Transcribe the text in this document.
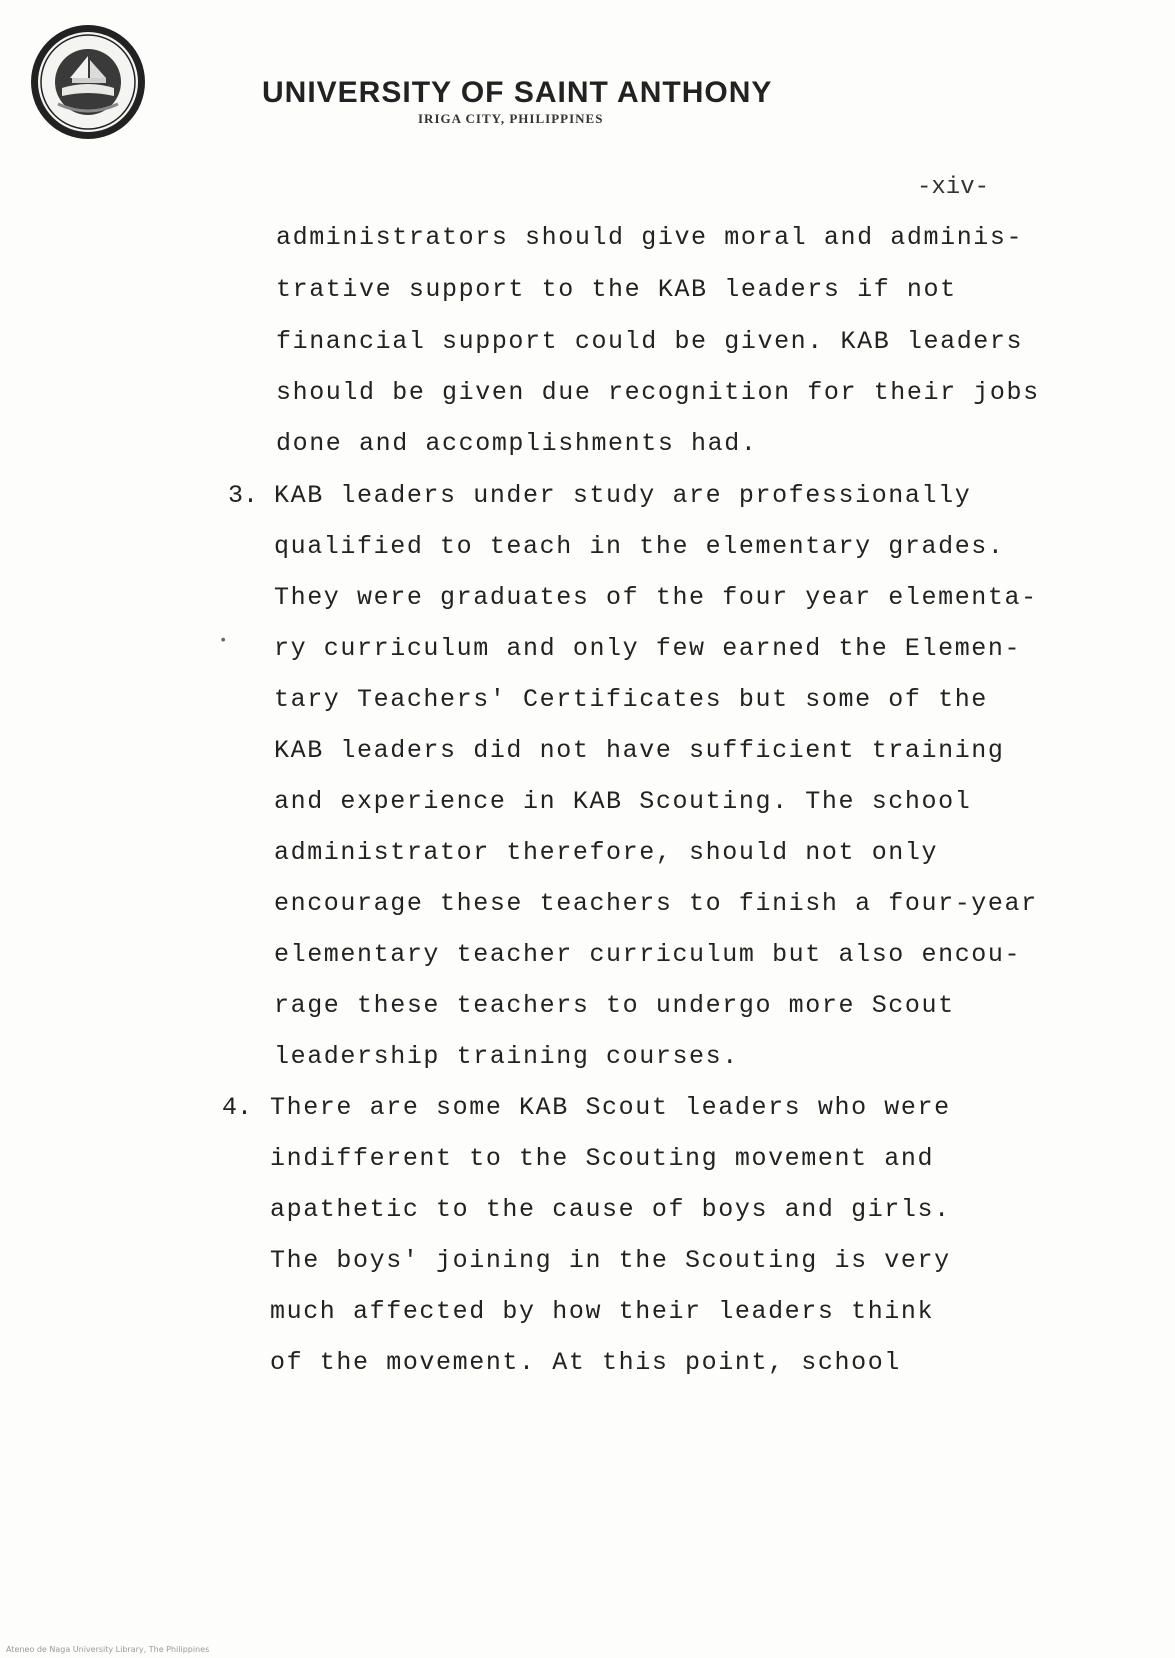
UNIVERSITY OF SAINT ANTHONY
IRIGA CITY, PHILIPPINES
-xiv-
administrators should give moral and adminis-
trative support to the KAB leaders if not
financial support could be given. KAB leaders
should be given due recognition for their jobs
done and accomplishments had.
3. KAB leaders under study are professionally
qualified to teach in the elementary grades.
They were graduates of the four year elementa-
ry curriculum and only few earned the Elemen-
tary Teachers' Certificates but some of the
KAB leaders did not have sufficient training
and experience in KAB Scouting. The school
administrator therefore, should not only
encourage these teachers to finish a four-year
elementary teacher curriculum but also encou-
rage these teachers to undergo more Scout
leadership training courses.
4. There are some KAB Scout leaders who were
indifferent to the Scouting movement and
apathetic to the cause of boys and girls.
The boys' joining in the Scouting is very
much affected by how their leaders think
of the movement. At this point, school
•
Ateneo de Naga University Library, The Philippines
